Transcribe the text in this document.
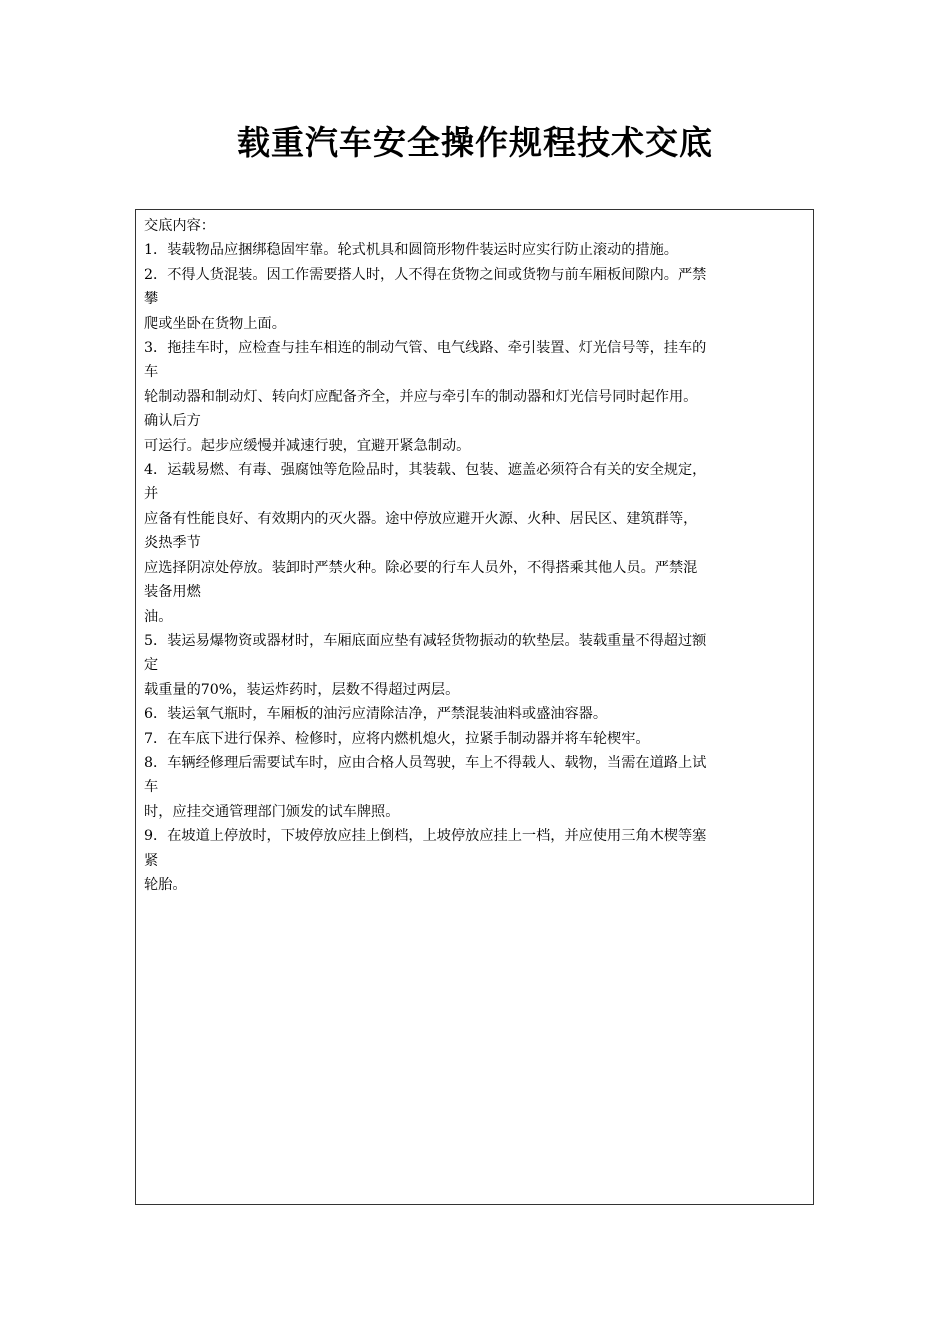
载重汽车安全操作规程技术交底
交底内容：
1．装载物品应捆绑稳固牢靠。轮式机具和圆筒形物件装运时应实行防止滚动的措施。
2．不得人货混装。因工作需要搭人时，人不得在货物之间或货物与前车厢板间隙内。严禁
攀
爬或坐卧在货物上面。
3．拖挂车时，应检查与挂车相连的制动气管、电气线路、牵引装置、灯光信号等，挂车的
车
轮制动器和制动灯、转向灯应配备齐全，并应与牵引车的制动器和灯光信号同时起作用。
确认后方
可运行。起步应缓慢并减速行驶，宜避开紧急制动。
4．运载易燃、有毒、强腐蚀等危险品时，其装载、包装、遮盖必须符合有关的安全规定，
并
应备有性能良好、有效期内的灭火器。途中停放应避开火源、火种、居民区、建筑群等，
炎热季节
应选择阴凉处停放。装卸时严禁火种。除必要的行车人员外，不得搭乘其他人员。严禁混
装备用燃
油。
5．装运易爆物资或器材时，车厢底面应垫有减轻货物振动的软垫层。装载重量不得超过额
定
载重量的70%，装运炸药时，层数不得超过两层。
6．装运氧气瓶时，车厢板的油污应清除洁净，严禁混装油料或盛油容器。
7．在车底下进行保养、检修时，应将内燃机熄火，拉紧手制动器并将车轮楔牢。
8．车辆经修理后需要试车时，应由合格人员驾驶，车上不得载人、载物，当需在道路上试
车
时，应挂交通管理部门颁发的试车牌照。
9．在坡道上停放时，下坡停放应挂上倒档，上坡停放应挂上一档，并应使用三角木楔等塞
紧
轮胎。
